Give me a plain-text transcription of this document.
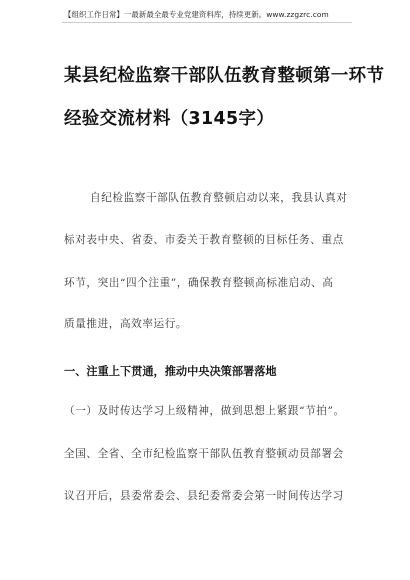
【组织工作日常】一最新最全最专业党建资料库，持续更新。www.zzgzrc.com
某县纪检监察干部队伍教育整顿第一环节
经验交流材料（3145字）
自纪检监察干部队伍教育整顿启动以来，我县认真对
标对表中央、省委、市委关于教育整顿的目标任务、重点
环节，突出“四个注重”，确保教育整顿高标准启动、高
质量推进，高效率运行。
一、注重上下贯通，推动中央决策部署落地
（一）及时传达学习上级精神，做到思想上紧跟“节拍”。
全国、全省、全市纪检监察干部队伍教育整顿动员部署会
议召开后，县委常委会、县纪委常委会第一时间传达学习
